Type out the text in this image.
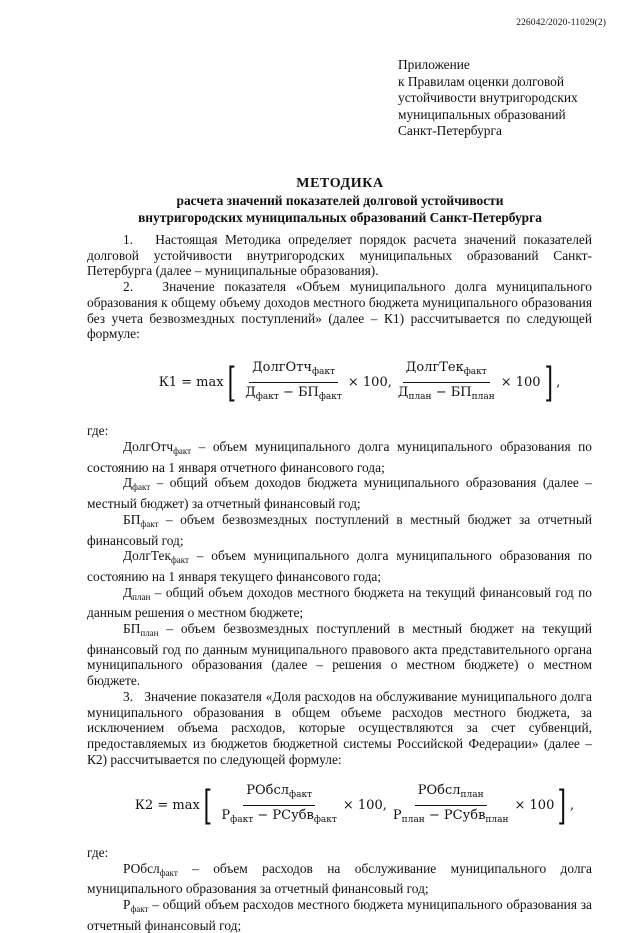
226042/2020-11029(2)
Приложение
к Правилам оценки долговой
устойчивости внутригородских
муниципальных образований
Санкт-Петербурга
МЕТОДИКА
расчета значений показателей долговой устойчивости
внутригородских муниципальных образований Санкт-Петербурга

1.   Настоящая Методика определяет порядок расчета значений показателей долговой устойчивости внутригородских муниципальных образований Санкт-Петербурга (далее – муниципальные образования).

2.   Значение показателя «Объем муниципального долга муниципального образования к общему объему доходов местного бюджета муниципального образования без учета безвозмездных поступлений» (далее – К1) рассчитывается по следующей формуле:

К1 = max [ $\frac{ДолгОтч_{факт}}{Д_{факт} - БП_{факт}} \times 100$, $\frac{ДолгТек_{факт}}{Д_{план} - БП_{план}} \times 100$ ] ,

где:

ДолгОтч$_{факт}$ – объем муниципального долга муниципального образования по состоянию на 1 января отчетного финансового года;

$Д_{факт}$ – общий объем доходов бюджета муниципального образования (далее – местный бюджет) за отчетный финансовый год;

$БП_{факт}$ – объем безвозмездных поступлений в местный бюджет за отчетный финансовый год;

ДолгТек$_{факт}$ – объем муниципального долга муниципального образования по состоянию на 1 января текущего финансового года;

$Д_{план}$ – общий объем доходов местного бюджета на текущий финансовый год по данным решения о местном бюджете;

$БП_{план}$ – объем безвозмездных поступлений в местный бюджет на текущий финансовый год по данным муниципального правового акта представительного органа муниципального образования (далее – решения о местном бюджете) о местном бюджете.

3.   Значение показателя «Доля расходов на обслуживание муниципального долга муниципального образования в общем объеме расходов местного бюджета, за исключением объема расходов, которые осуществляются за счет субвенций, предоставляемых из бюджетов бюджетной системы Российской Федерации» (далее – К2) рассчитывается по следующей формуле:

К2 = max [ $\frac{РОбсл_{факт}}{Р_{факт} - РСубв_{факт}} \times 100$, $\frac{РОбсл_{план}}{Р_{план} - РСубв_{план}} \times 100$ ] ,

где:

РОбсл$_{факт}$ – объем расходов на обслуживание муниципального долга муниципального образования за отчетный финансовый год;

$Р_{факт}$ – общий объем расходов местного бюджета муниципального образования за отчетный финансовый год;
